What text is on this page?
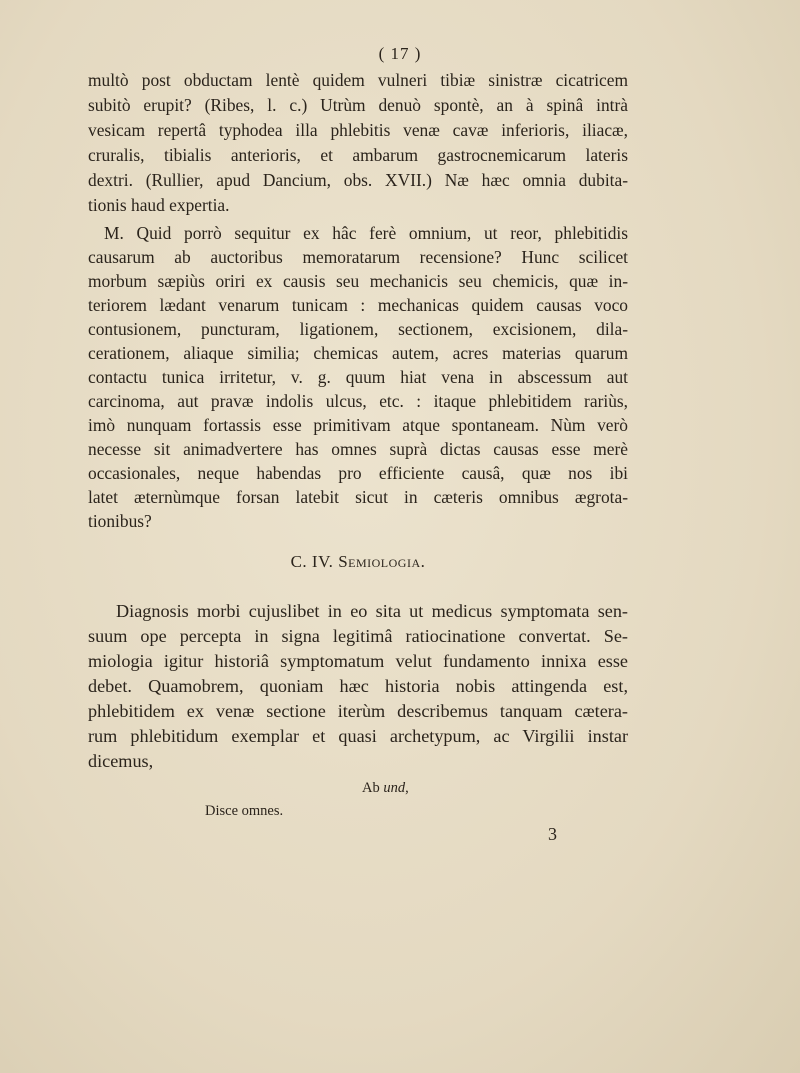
( 17 )
multò post obductam lentè quidem vulneri tibiæ sinistræ cicatricem
subitò erupit? (Ribes, l. c.) Utrùm denuò spontè, an à spinâ intrà
vesicam repertâ typhodea illa phlebitis venæ cavæ inferioris, iliacæ,
cruralis, tibialis anterioris, et ambarum gastrocnemicarum lateris
dextri. (Rullier, apud Dancium, obs. XVII.) Næ hæc omnia dubita-
tionis haud expertia.
M. Quid porrò sequitur ex hâc ferè omnium, ut reor, phlebitidis
causarum ab auctoribus memoratarum recensione? Hunc scilicet
morbum sæpiùs oriri ex causis seu mechanicis seu chemicis, quæ in-
teriorem lædant venarum tunicam : mechanicas quidem causas voco
contusionem, puncturam, ligationem, sectionem, excisionem, dila-
cerationem, aliaque similia; chemicas autem, acres materias quarum
contactu tunica irritetur, v. g. quum hiat vena in abscessum aut
carcinoma, aut pravæ indolis ulcus, etc. : itaque phlebitidem rariùs,
imò nunquam fortassis esse primitivam atque spontaneam. Nùm verò
necesse sit animadvertere has omnes suprà dictas causas esse merè
occasionales, neque habendas pro efficiente causâ, quæ nos ibi
latet æternùmque forsan latebit sicut in cæteris omnibus ægrota-
tionibus?
C. IV. Semiologia.
Diagnosis morbi cujuslibet in eo sita ut medicus symptomata sen-
suum ope percepta in signa legitimâ ratiocinatione convertat. Se-
miologia igitur historiâ symptomatum velut fundamento innixa esse
debet. Quamobrem, quoniam hæc historia nobis attingenda est,
phlebitidem ex venæ sectione iterùm describemus tanquam cætera-
rum phlebitidum exemplar et quasi archetypum, ac Virgilii instar
dicemus,
Ab und,
Disce omnes.
3
